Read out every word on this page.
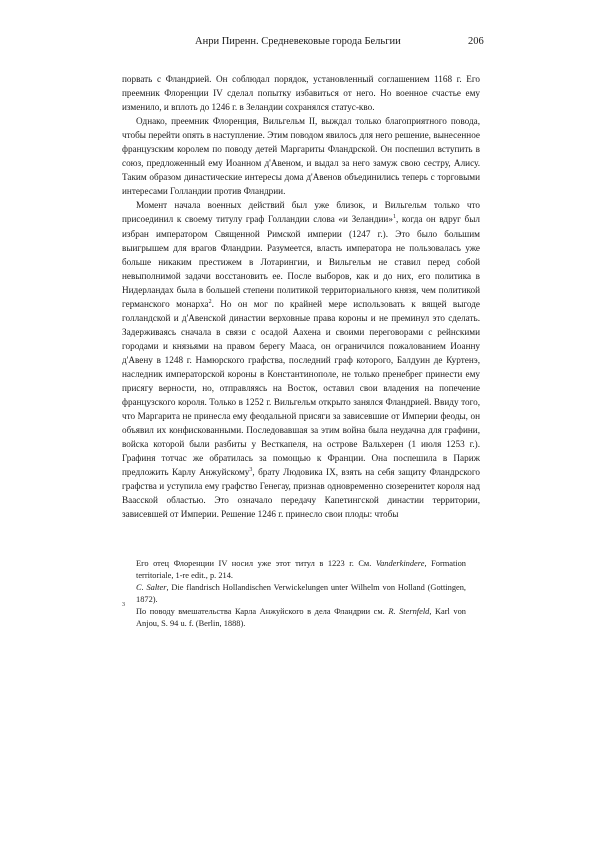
Анри Пиренн. Средневековые города Бельгии	206

порвать с Фландрией. Он соблюдал порядок, установленный соглашением 1168 г. Его преемник Флоренции IV сделал попытку избавиться от него. Но военное счастье ему изменило, и вплоть до 1246 г. в Зеландии сохранялся статус-кво.

Однако, преемник Флоренция, Вильгельм II, выждал только благоприятного повода, чтобы перейти опять в наступление. Этим поводом явилось для него решение, вынесенное французским королем по поводу детей Маргариты Фландрской. Он поспешил вступить в союз, предложенный ему Иоанном д'Авеном, и выдал за него замуж свою сестру, Алису. Таким образом династические интересы дома д'Авенов объединились теперь с торговыми интересами Голландии против Фландрии.

Момент начала военных действий был уже близок, и Вильгельм только что присоединил к своему титулу граф Голландии слова «и Зеландии»$^1$, когда он вдруг был избран императором Священной Римской империи (1247 г.). Это было большим выигрышем для врагов Фландрии. Разумеется, власть императора не пользовалась уже больше никаким престижем в Лотарингии, и Вильгельм не ставил перед собой невыполнимой задачи восстановить ее. После выборов, как и до них, его политика в Нидерландах была в большей степени политикой территориального князя, чем политикой германского монарха$^2$. Но он мог по крайней мере использовать к вящей выгоде голландской и д'Авенской династии верховные права короны и не преминул это сделать. Задерживаясь сначала в связи с осадой Аахена и своими переговорами с рейнскими городами и князьями на правом берегу Мааса, он ограничился пожалованием Иоанну д'Авену в 1248 г. Намюрского графства, последний граф которого, Балдуин де Куртенэ, наследник императорской короны в Константинополе, не только пренебрег принести ему присягу верности, но, отправляясь на Восток, оставил свои владения на попечение французского короля. Только в 1252 г. Вильгельм открыто занялся Фландрией. Ввиду того, что Маргарита не принесла ему феодальной присяги за зависевшие от Империи феоды, он объявил их конфискованными. Последовавшая за этим война была неудачна для графини, войска которой были разбиты у Весткапеля, на острове Вальхерен (1 июля 1253 г.). Графиня тотчас же обратилась за помощью к Франции. Она поспешила в Париж предложить Карлу Анжуйскому$^3$, брату Людовика IX, взять на себя защиту Фландрского графства и уступила ему графство Генегау, признав одновременно сюзеренитет короля над Ваасской областью. Это означало передачу Капетингской династии территории, зависевшей от Империи. Решение 1246 г. принесло свои плоды: чтобы

Его отец Флоренции IV носил уже этот титул в 1223 г. См. Vanderkindere, Formation territoriale, 1-re edit., p. 214.

C. Salter, Die flandrisch Hollandischen Verwickelungen unter Wilhelm von Holland (Gottingen, 1872).

3
По поводу вмешательства Карла Анжуйского в дела Фландрии см. R. Sternfeld, Karl von Anjou, S. 94 u. f. (Berlin, 1888).
